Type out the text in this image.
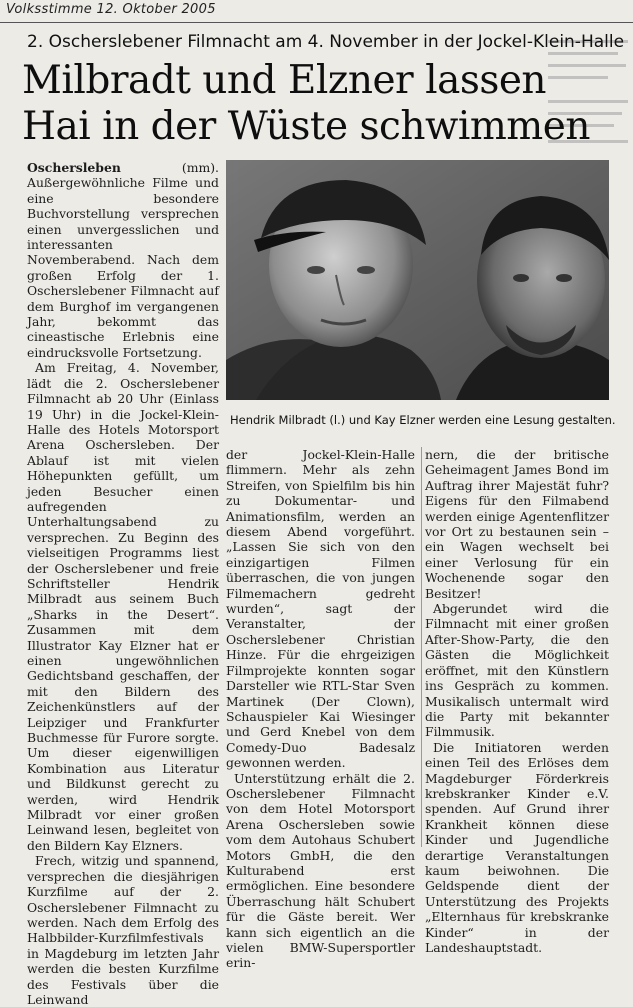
Volksstimme 12. Oktober 2005
2. Oscherslebener Filmnacht am 4. November in der Jockel-Klein-Halle
Milbradt und Elzner lassen
Hai in der Wüste schwimmen

Oschersleben (mm). Außergewöhnliche Filme und eine besondere Buchvorstellung versprechen einen unvergesslichen und interessanten Novemberabend. Nach dem großen Erfolg der 1. Oscherslebener Filmnacht auf dem Burghof im vergangenen Jahr, bekommt das cineastische Erlebnis eine eindrucksvolle Fortsetzung.

Am Freitag, 4. November, lädt die 2. Oscherslebener Filmnacht ab 20 Uhr (Einlass 19 Uhr) in die Jockel-Klein-Halle des Hotels Motorsport Arena Oschersleben. Der Ablauf ist mit vielen Höhepunkten gefüllt, um jeden Besucher einen aufregenden Unterhaltungsabend zu versprechen. Zu Beginn des vielseitigen Programms liest der Oscherslebener und freie Schriftsteller Hendrik Milbradt aus seinem Buch „Sharks in the Desert“. Zusammen mit dem Illustrator Kay Elzner hat er einen ungewöhnlichen Gedichtsband geschaffen, der mit den Bildern des Zeichenkünstlers auf der Leipziger und Frankfurter Buchmesse für Furore sorgte. Um dieser eigenwilligen Kombination aus Literatur und Bildkunst gerecht zu werden, wird Hendrik Milbradt vor einer großen Leinwand lesen, begleitet von den Bildern Kay Elzners.

Frech, witzig und spannend, versprechen die diesjährigen Kurzfilme auf der 2. Oscherslebener Filmnacht zu werden. Nach dem Erfolg des Halbbilder-Kurzfilmfestivals in Magdeburg im letzten Jahr werden die besten Kurzfilme des Festivals über die Leinwand

Hendrik Milbradt (l.) und Kay Elzner werden eine Lesung gestalten.

der Jockel-Klein-Halle flimmern. Mehr als zehn Streifen, von Spielfilm bis hin zu Dokumentar- und Animationsfilm, werden an diesem Abend vorgeführt. „Lassen Sie sich von den einzigartigen Filmen überraschen, die von jungen Filmemachern gedreht wurden“, sagt der Veranstalter, der Oscherslebener Christian Hinze. Für die ehrgeizigen Filmprojekte konnten sogar Darsteller wie RTL-Star Sven Martinek (Der Clown), Schauspieler Kai Wiesinger und Gerd Knebel von dem Comedy-Duo Badesalz gewonnen werden.

Unterstützung erhält die 2. Oscherslebener Filmnacht von dem Hotel Motorsport Arena Oschersleben sowie vom dem Autohaus Schubert Motors GmbH, die den Kulturabend erst ermöglichen. Eine besondere Überraschung hält Schubert für die Gäste bereit. Wer kann sich eigentlich an die vielen BMW-Supersportler erin-

nern, die der britische Geheimagent James Bond im Auftrag ihrer Majestät fuhr? Eigens für den Filmabend werden einige Agentenflitzer vor Ort zu bestaunen sein – ein Wagen wechselt bei einer Verlosung für ein Wochenende sogar den Besitzer!

Abgerundet wird die Filmnacht mit einer großen After-Show-Party, die den Gästen die Möglichkeit eröffnet, mit den Künstlern ins Gespräch zu kommen. Musikalisch untermalt wird die Party mit bekannter Filmmusik.

Die Initiatoren werden einen Teil des Erlöses dem Magdeburger Förderkreis krebskranker Kinder e.V. spenden. Auf Grund ihrer Krankheit können diese Kinder und Jugendliche derartige Veranstaltungen kaum beiwohnen. Die Geldspende dient der Unterstützung des Projekts „Elternhaus für krebskranke Kinder“ in der Landeshauptstadt.
